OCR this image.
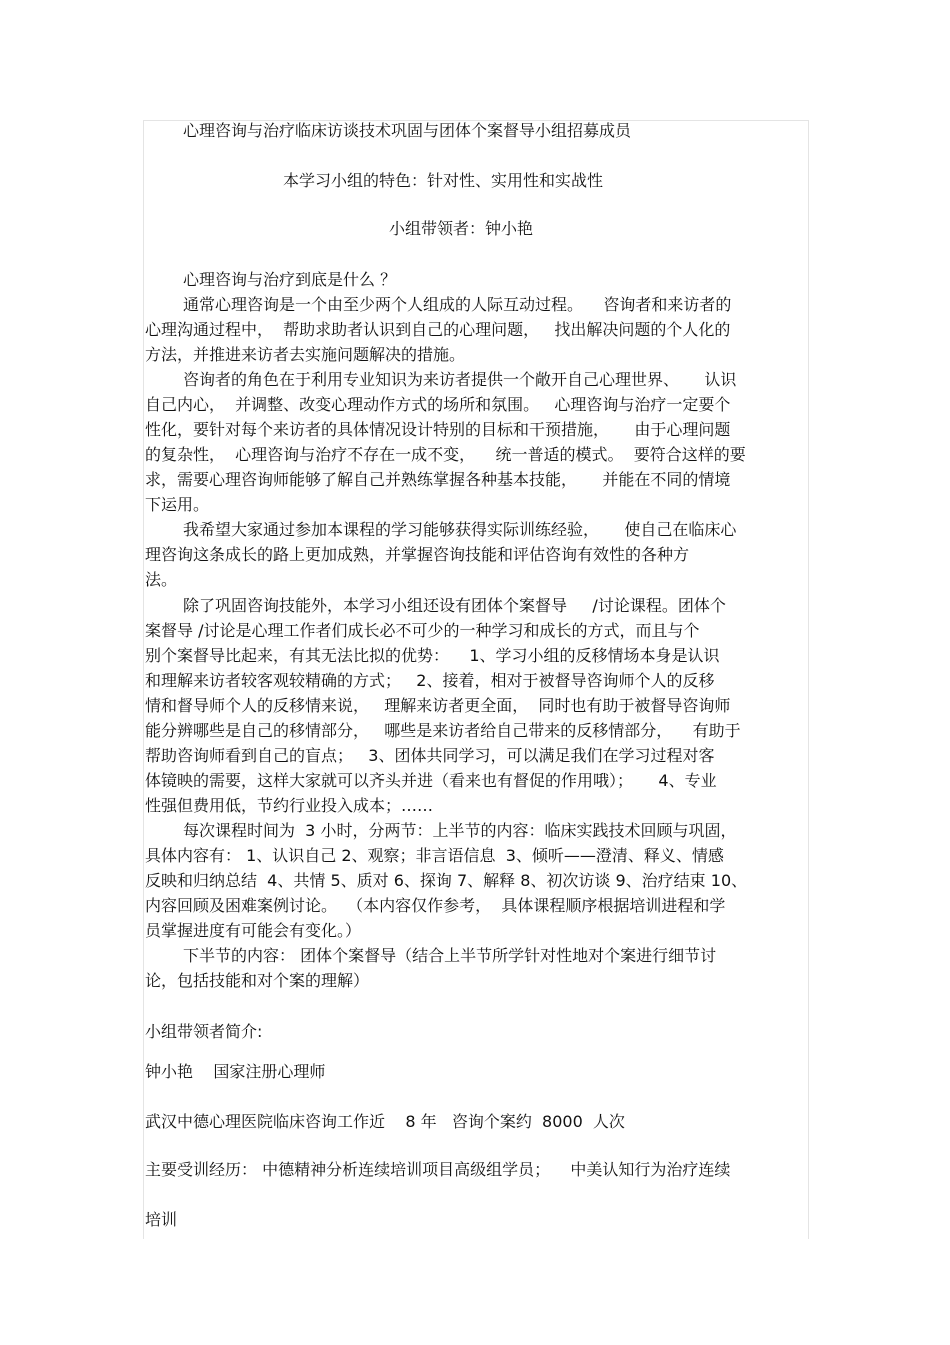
心理咨询与治疗临床访谈技术巩固与团体个案督导小组招募成员
本学习小组的特色：针对性、实用性和实战性
小组带领者：钟小艳
心理咨询与治疗到底是什么 ？
通常心理咨询是一个由至少两个人组成的人际互动过程。    咨询者和来访者的
心理沟通过程中，  帮助求助者认识到自己的心理问题，   找出解决问题的个人化的
方法，并推进来访者去实施问题解决的措施。
咨询者的角色在于利用专业知识为来访者提供一个敞开自己心理世界、     认识
自己内心，  并调整、改变心理动作方式的场所和氛围。   心理咨询与治疗一定要个
性化，要针对每个来访者的具体情况设计特别的目标和干预措施，     由于心理问题
的复杂性，  心理咨询与治疗不存在一成不变，    统一普适的模式。  要符合这样的要
求，需要心理咨询师能够了解自己并熟练掌握各种基本技能，     并能在不同的情境
下运用。
我希望大家通过参加本课程的学习能够获得实际训练经验，     使自己在临床心
理咨询这条成长的路上更加成熟，并掌握咨询技能和评估咨询有效性的各种方
法。
除了巩固咨询技能外，本学习小组还设有团体个案督导     /讨论课程。团体个
案督导 /讨论是心理工作者们成长必不可少的一种学习和成长的方式，而且与个
别个案督导比起来，有其无法比拟的优势：    1、学习小组的反移情场本身是认识
和理解来访者较客观较精确的方式；   2、接着，相对于被督导咨询师个人的反移
情和督导师个人的反移情来说，   理解来访者更全面，  同时也有助于被督导咨询师
能分辨哪些是自己的移情部分，   哪些是来访者给自己带来的反移情部分，    有助于
帮助咨询师看到自己的盲点；   3、团体共同学习，可以满足我们在学习过程对客
体镜映的需要，这样大家就可以齐头并进（看来也有督促的作用哦）；     4、专业
性强但费用低，节约行业投入成本；……
每次课程时间为  3 小时，分两节：上半节的内容：临床实践技术回顾与巩固，
具体内容有： 1、认识自己 2、观察；非言语信息  3、倾听——澄清、释义、情感
反映和归纳总结  4、共情 5、质对 6、探询 7、解释 8、初次访谈 9、治疗结束 10、
内容回顾及困难案例讨论。  （本内容仅作参考，  具体课程顺序根据培训进程和学
员掌握进度有可能会有变化。）
下半节的内容： 团体个案督导（结合上半节所学针对性地对个案进行细节讨
论，包括技能和对个案的理解）
小组带领者简介:
钟小艳    国家注册心理师
武汉中德心理医院临床咨询工作近    8 年   咨询个案约  8000  人次
主要受训经历： 中德精神分析连续培训项目高级组学员；    中美认知行为治疗连续
培训
